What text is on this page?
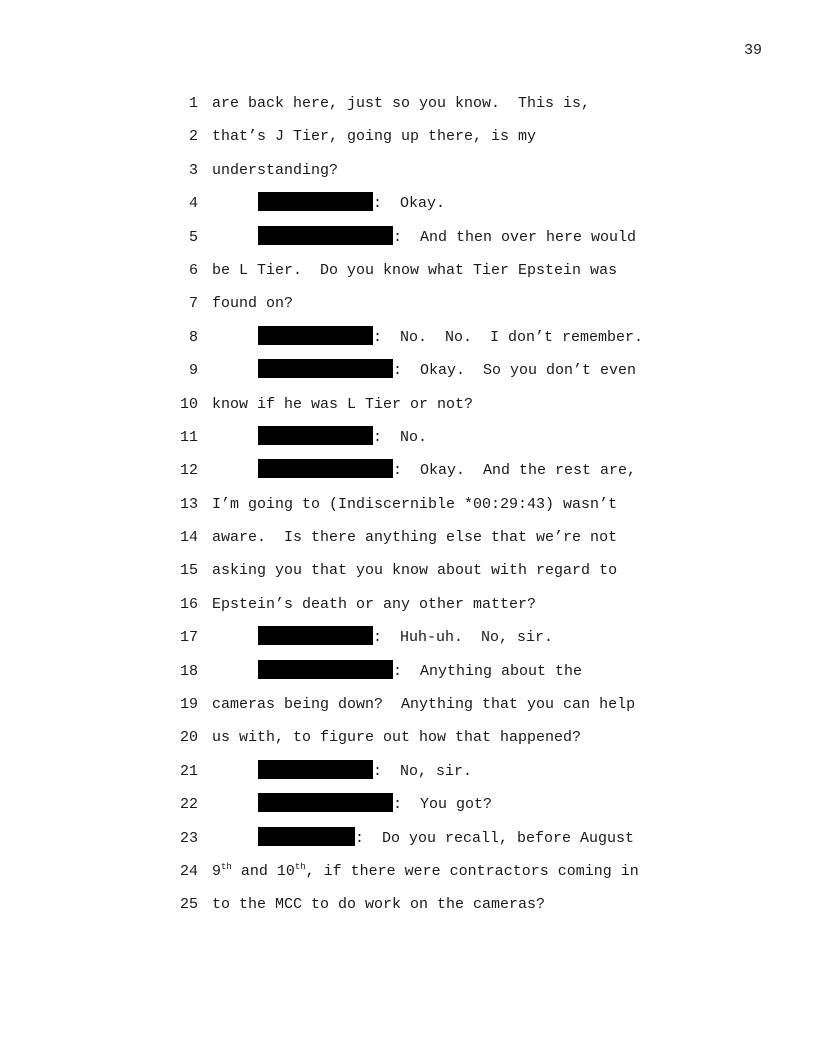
39
1 are back here, just so you know.  This is,
2 that’s J Tier, going up there, is my
3 understanding?
4	:  Okay.
5	:  And then over here would
6 be L Tier.  Do you know what Tier Epstein was
7 found on?
8	:  No.  No.  I don’t remember.
9	:  Okay.  So you don’t even
10 know if he was L Tier or not?
11	:  No.
12	:  Okay.  And the rest are,
13 I’m going to (Indiscernible *00:29:43) wasn’t
14 aware.  Is there anything else that we’re not
15 asking you that you know about with regard to
16 Epstein’s death or any other matter?
17	:  Huh-uh.  No, sir.
18	:  Anything about the
19 cameras being down?  Anything that you can help
20 us with, to figure out how that happened?
21	:  No, sir.
22	:  You got?
23	:  Do you recall, before August
24 9th and 10th, if there were contractors coming in
25 to the MCC to do work on the cameras?
